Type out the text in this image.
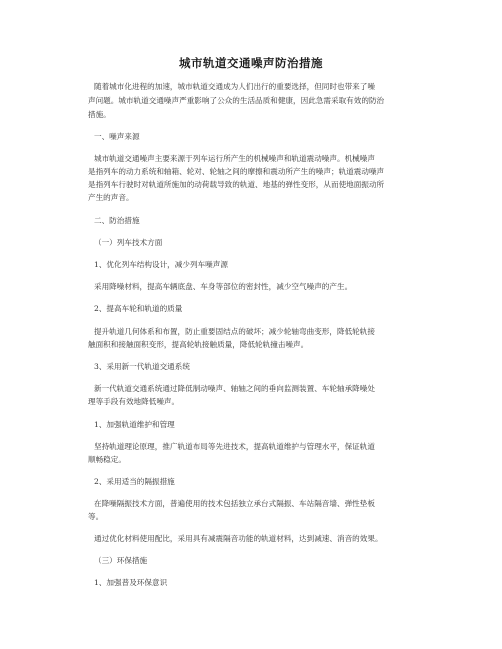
城市轨道交通噪声防治措施
随着城市化进程的加速，城市轨道交通成为人们出行的重要选择，但同时也带来了噪
声问题。城市轨道交通噪声严重影响了公众的生活品质和健康，因此急需采取有效的防治
措施。
一、噪声来源
城市轨道交通噪声主要来源于列车运行所产生的机械噪声和轨道震动噪声。机械噪声
是指列车的动力系统和轴箱、轮对、轮轴之间的摩擦和震动所产生的噪声；轨道震动噪声
是指列车行驶时对轨道所施加的动荷载导致的轨道、地基的弹性变形，从而使地面振动所
产生的声音。
二、防治措施
（一）列车技术方面
1、优化列车结构设计，减少列车噪声源
采用降噪材料，提高车辆底盘、车身等部位的密封性，减少空气噪声的产生。
2、提高车轮和轨道的质量
提升轨道几何体系和布置，防止重要固结点的破坏；减少轮轴弯曲变形，降低轮轨接
触面积和接触面积变形，提高轮轨接触质量，降低轮轨撞击噪声。
3、采用新一代轨道交通系统
新一代轨道交通系统通过降低制动噪声、轴轴之间的垂向监测装置、车轮轴承降噪处
理等手段有效地降低噪声。
1、加强轨道维护和管理
坚持轨道理论原理，推广轨道布局等先进技术，提高轨道维护与管理水平，保证轨道
顺畅稳定。
2、采用适当的隔振措施
在降噪隔振技术方面，普遍使用的技术包括独立承台式隔振、车站隔音墙、弹性垫板
等。
通过优化材料使用配比，采用具有减震隔音功能的轨道材料，达到减速、消音的效果。
（三）环保措施
1、加强普及环保意识
